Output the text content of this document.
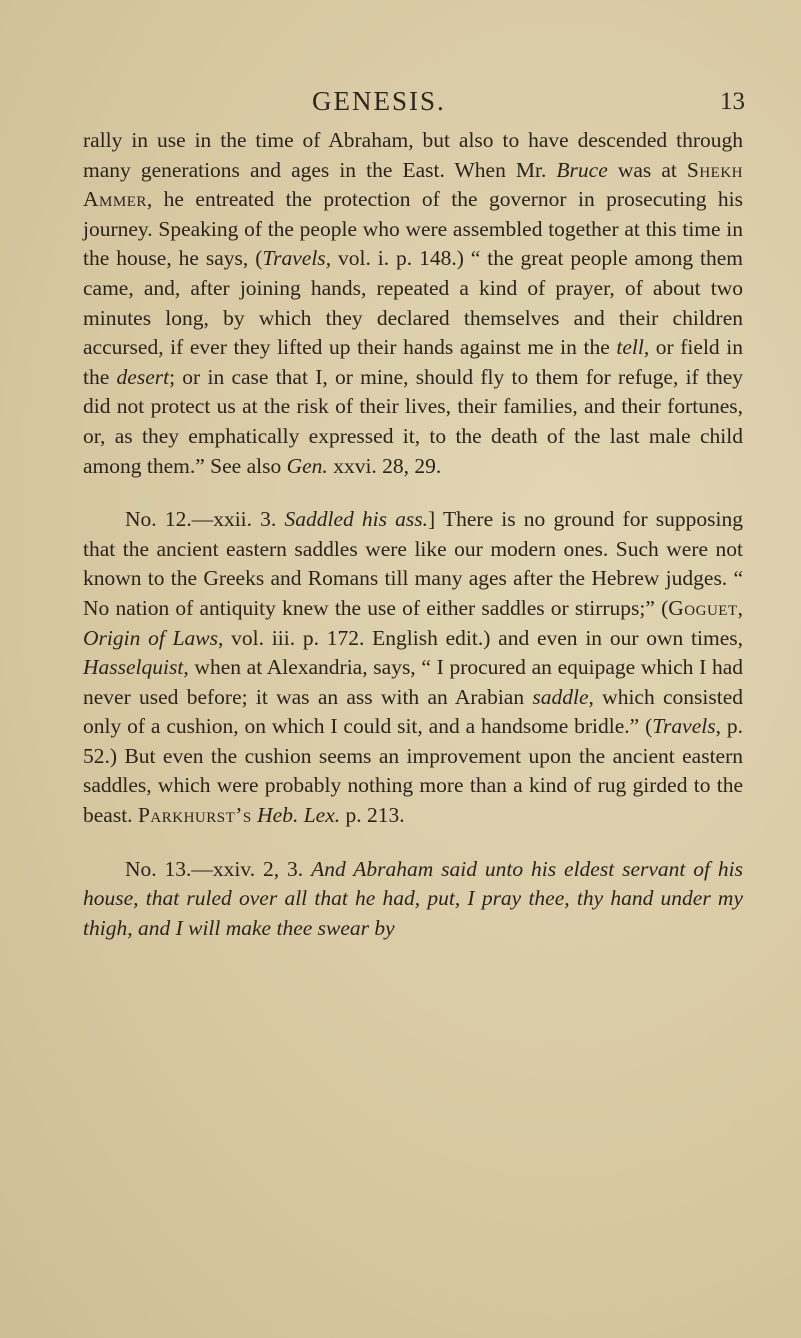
GENESIS.	13

rally in use in the time of Abraham, but also to have descended through many generations and ages in the East. When Mr. Bruce was at Shekh Ammer, he entreated the protection of the governor in prosecuting his journey. Speaking of the people who were assembled together at this time in the house, he says, (Travels, vol. i. p. 148.) “ the great people among them came, and, after joining hands, repeated a kind of prayer, of about two minutes long, by which they declared themselves and their children accursed, if ever they lifted up their hands against me in the tell, or field in the desert; or in case that I, or mine, should fly to them for refuge, if they did not protect us at the risk of their lives, their families, and their fortunes, or, as they emphatically expressed it, to the death of the last male child among them.” See also Gen. xxvi. 28, 29.

No. 12.—xxii. 3. Saddled his ass.] There is no ground for supposing that the ancient eastern saddles were like our modern ones. Such were not known to the Greeks and Romans till many ages after the Hebrew judges. “ No nation of antiquity knew the use of either saddles or stirrups;” (Goguet, Origin of Laws, vol. iii. p. 172. English edit.) and even in our own times, Hasselquist, when at Alexandria, says, “ I procured an equipage which I had never used before; it was an ass with an Arabian saddle, which consisted only of a cushion, on which I could sit, and a handsome bridle.” (Travels, p. 52.) But even the cushion seems an improvement upon the ancient eastern saddles, which were probably nothing more than a kind of rug girded to the beast. Parkhurst’s Heb. Lex. p. 213.

No. 13.—xxiv. 2, 3. And Abraham said unto his eldest servant of his house, that ruled over all that he had, put, I pray thee, thy hand under my thigh, and I will make thee swear by
